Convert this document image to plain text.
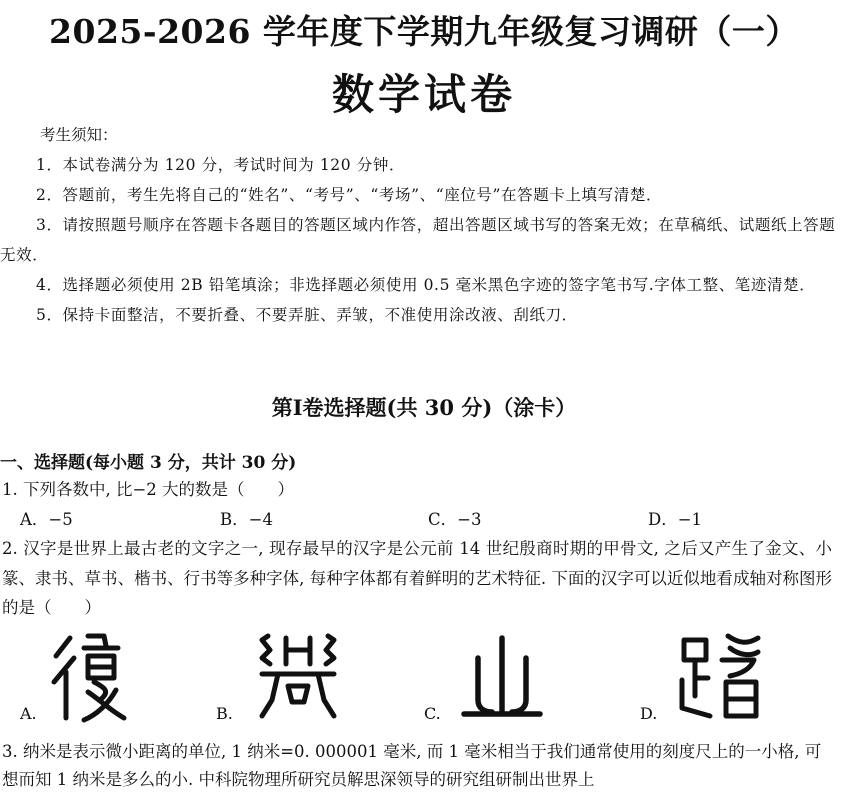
2025-2026 学年度下学期九年级复习调研（一）
数学试卷
考生须知：
1．本试卷满分为 120 分，考试时间为 120 分钟．
2．答题前，考生先将自己的“姓名”、“考号”、“考场”、“座位号”在答题卡上填写清楚．
3．请按照题号顺序在答题卡各题目的答题区域内作答，超出答题区域书写的答案无效；在草稿纸、试题纸上答题无效．
4．选择题必须使用 2B 铅笔填涂；非选择题必须使用 0.5 毫米黑色字迹的签字笔书写.字体工整、笔迹清楚．
5．保持卡面整洁，不要折叠、不要弄脏、弄皱，不准使用涂改液、刮纸刀．
第Ⅰ卷选择题(共 30 分)（涂卡）
一、选择题(每小题 3 分，共计 30 分)
1. 下列各数中, 比−2 大的数是（　　）
A．−5	B．−4	C．−3	D．−1
2. 汉字是世界上最古老的文字之一, 现存最早的汉字是公元前 14 世纪殷商时期的甲骨文, 之后又产生了金文、小篆、隶书、草书、楷书、行书等多种字体, 每种字体都有着鲜明的艺术特征. 下面的汉字可以近似地看成轴对称图形的是（　　）
A.	B.	C.	D.
3. 纳米是表示微小距离的单位, 1 纳米=0. 000001 毫米, 而 1 毫米相当于我们通常使用的刻度尺上的一小格, 可想而知 1 纳米是多么的小. 中科院物理所研究员解思深领导的研究组研制出世界上
